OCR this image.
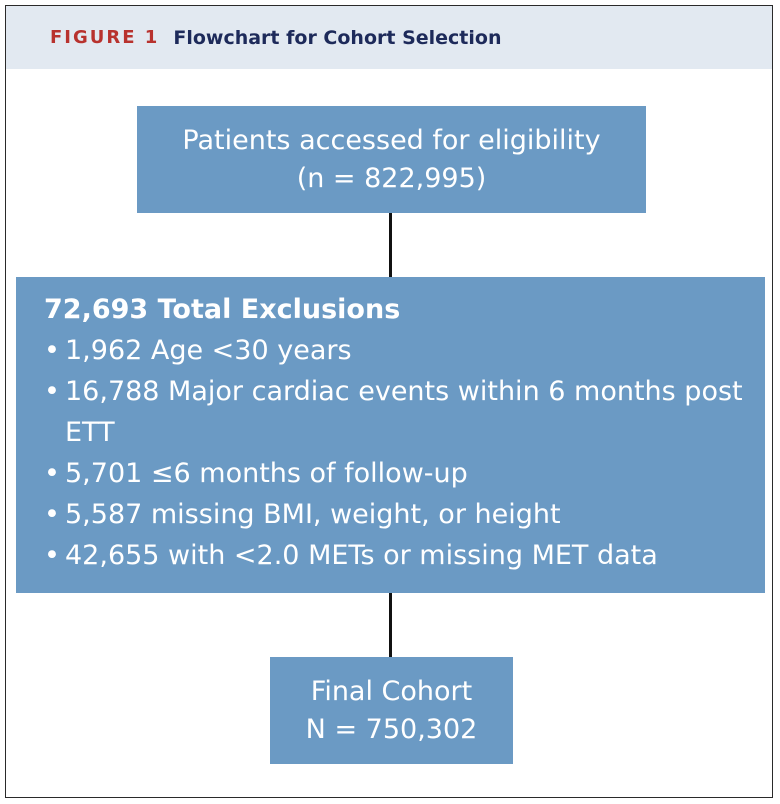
FIGURE 1 Flowchart for Cohort Selection
Patients accessed for eligibility
(n = 822,995)
72,693 Total Exclusions
• 1,962 Age <30 years
• 16,788 Major cardiac events within 6 months post ETT
• 5,701 ≤6 months of follow-up
• 5,587 missing BMI, weight, or height
• 42,655 with <2.0 METs or missing MET data
Final Cohort
N = 750,302
